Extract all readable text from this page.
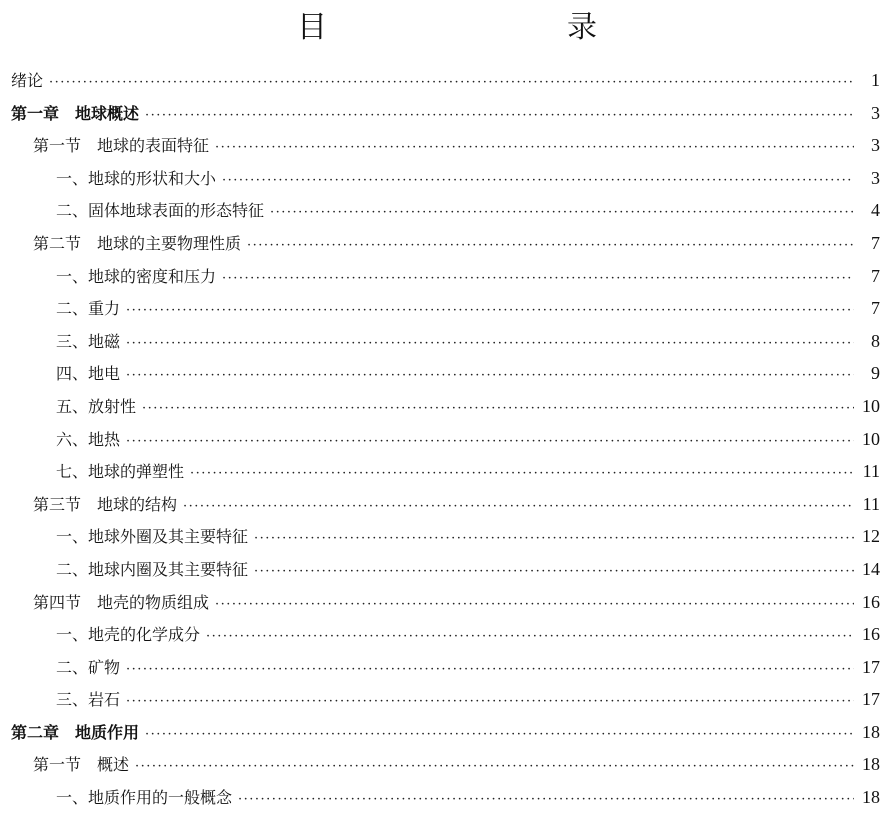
目　　录
绪论 ·····	1
第一章　地球概述 ·····	3
第一节　地球的表面特征 ·····	3
一、地球的形状和大小 ·····	3
二、固体地球表面的形态特征 ·····	4
第二节　地球的主要物理性质 ·····	7
一、地球的密度和压力 ·····	7
二、重力 ·····	7
三、地磁 ·····	8
四、地电 ·····	9
五、放射性 ·····	10
六、地热 ·····	10
七、地球的弹塑性 ·····	11
第三节　地球的结构 ·····	11
一、地球外圈及其主要特征 ·····	12
二、地球内圈及其主要特征 ·····	14
第四节　地壳的物质组成 ·····	16
一、地壳的化学成分 ·····	16
二、矿物 ·····	17
三、岩石 ·····	17
第二章　地质作用 ·····	18
第一节　概述 ·····	18
一、地质作用的一般概念 ·····	18
